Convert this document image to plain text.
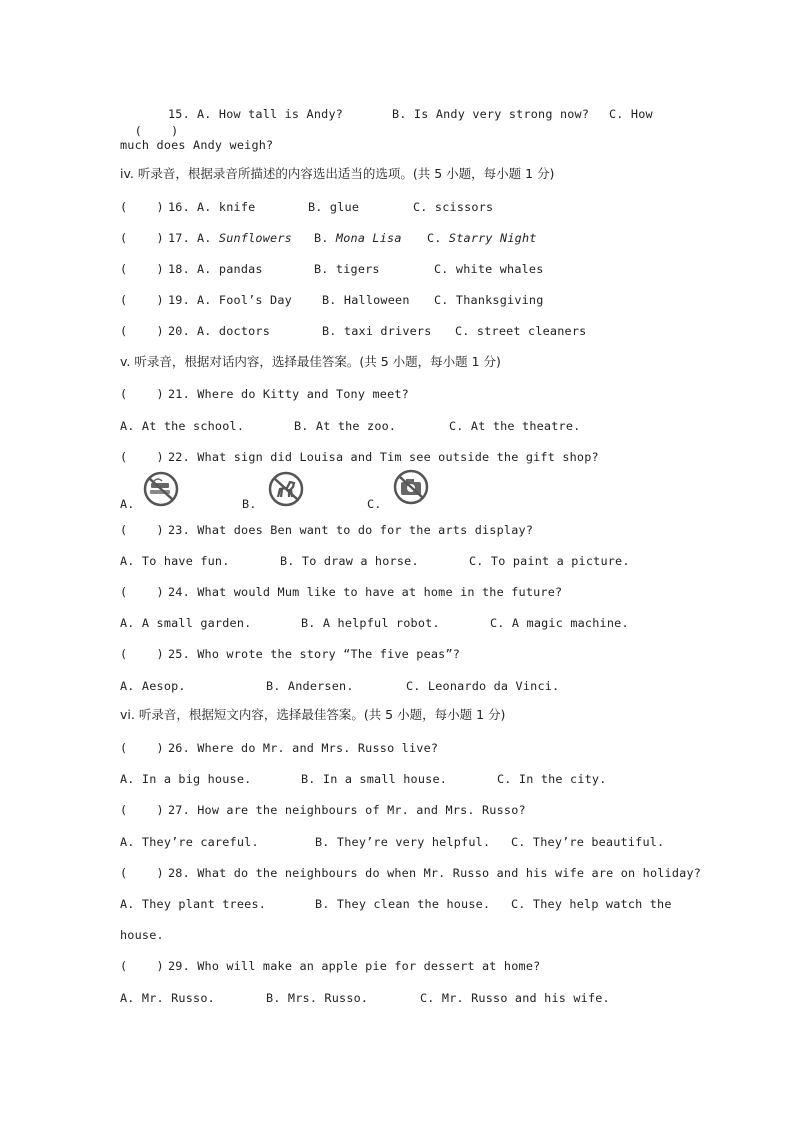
(    )

15. A. How tall is Andy?	B. Is Andy very strong now? C. How
much does Andy weigh?
iv. 听录音，根据录音所描述的内容选出适当的选项。(共 5 小题，每小题 1 分)
(    ) 16. A. knife	B. glue	C. scissors
(    ) 17. A. Sunflowers B. Mona Lisa C. Starry Night
(    ) 18. A. pandas	B. tigers	C. white whales
(    ) 19. A. Fool’s Day	B. Halloween C. Thanksgiving
(    ) 20. A. doctors	B. taxi drivers C. street cleaners
v. 听录音，根据对话内容，选择最佳答案。(共 5 小题，每小题 1 分)
(    ) 21. Where do Kitty and Tony meet?
A. At the school.	B. At the zoo.	C. At the theatre.
(    ) 22. What sign did Louisa and Tim see outside the gift shop?
A.	B.	C.
(    ) 23. What does Ben want to do for the arts display?
A. To have fun.	B. To draw a horse.	C. To paint a picture.
(    ) 24. What would Mum like to have at home in the future?
A. A small garden.	B. A helpful robot.	C. A magic machine.
(    ) 25. Who wrote the story “The five peas”?
A. Aesop.	B. Andersen.	C. Leonardo da Vinci.
vi. 听录音，根据短文内容，选择最佳答案。(共 5 小题，每小题 1 分)
(    ) 26. Where do Mr. and Mrs. Russo live?
A. In a big house.	B. In a small house.	C. In the city.
(    ) 27. How are the neighbours of Mr. and Mrs. Russo?
A. They’re careful.	B. They’re very helpful. C. They’re beautiful.
(    ) 28. What do the neighbours do when Mr. Russo and his wife are on holiday?
A. They plant trees.	B. They clean the house. C. They help watch the
house.
(    ) 29. Who will make an apple pie for dessert at home?
A. Mr. Russo.	B. Mrs. Russo.	C. Mr. Russo and his wife.
